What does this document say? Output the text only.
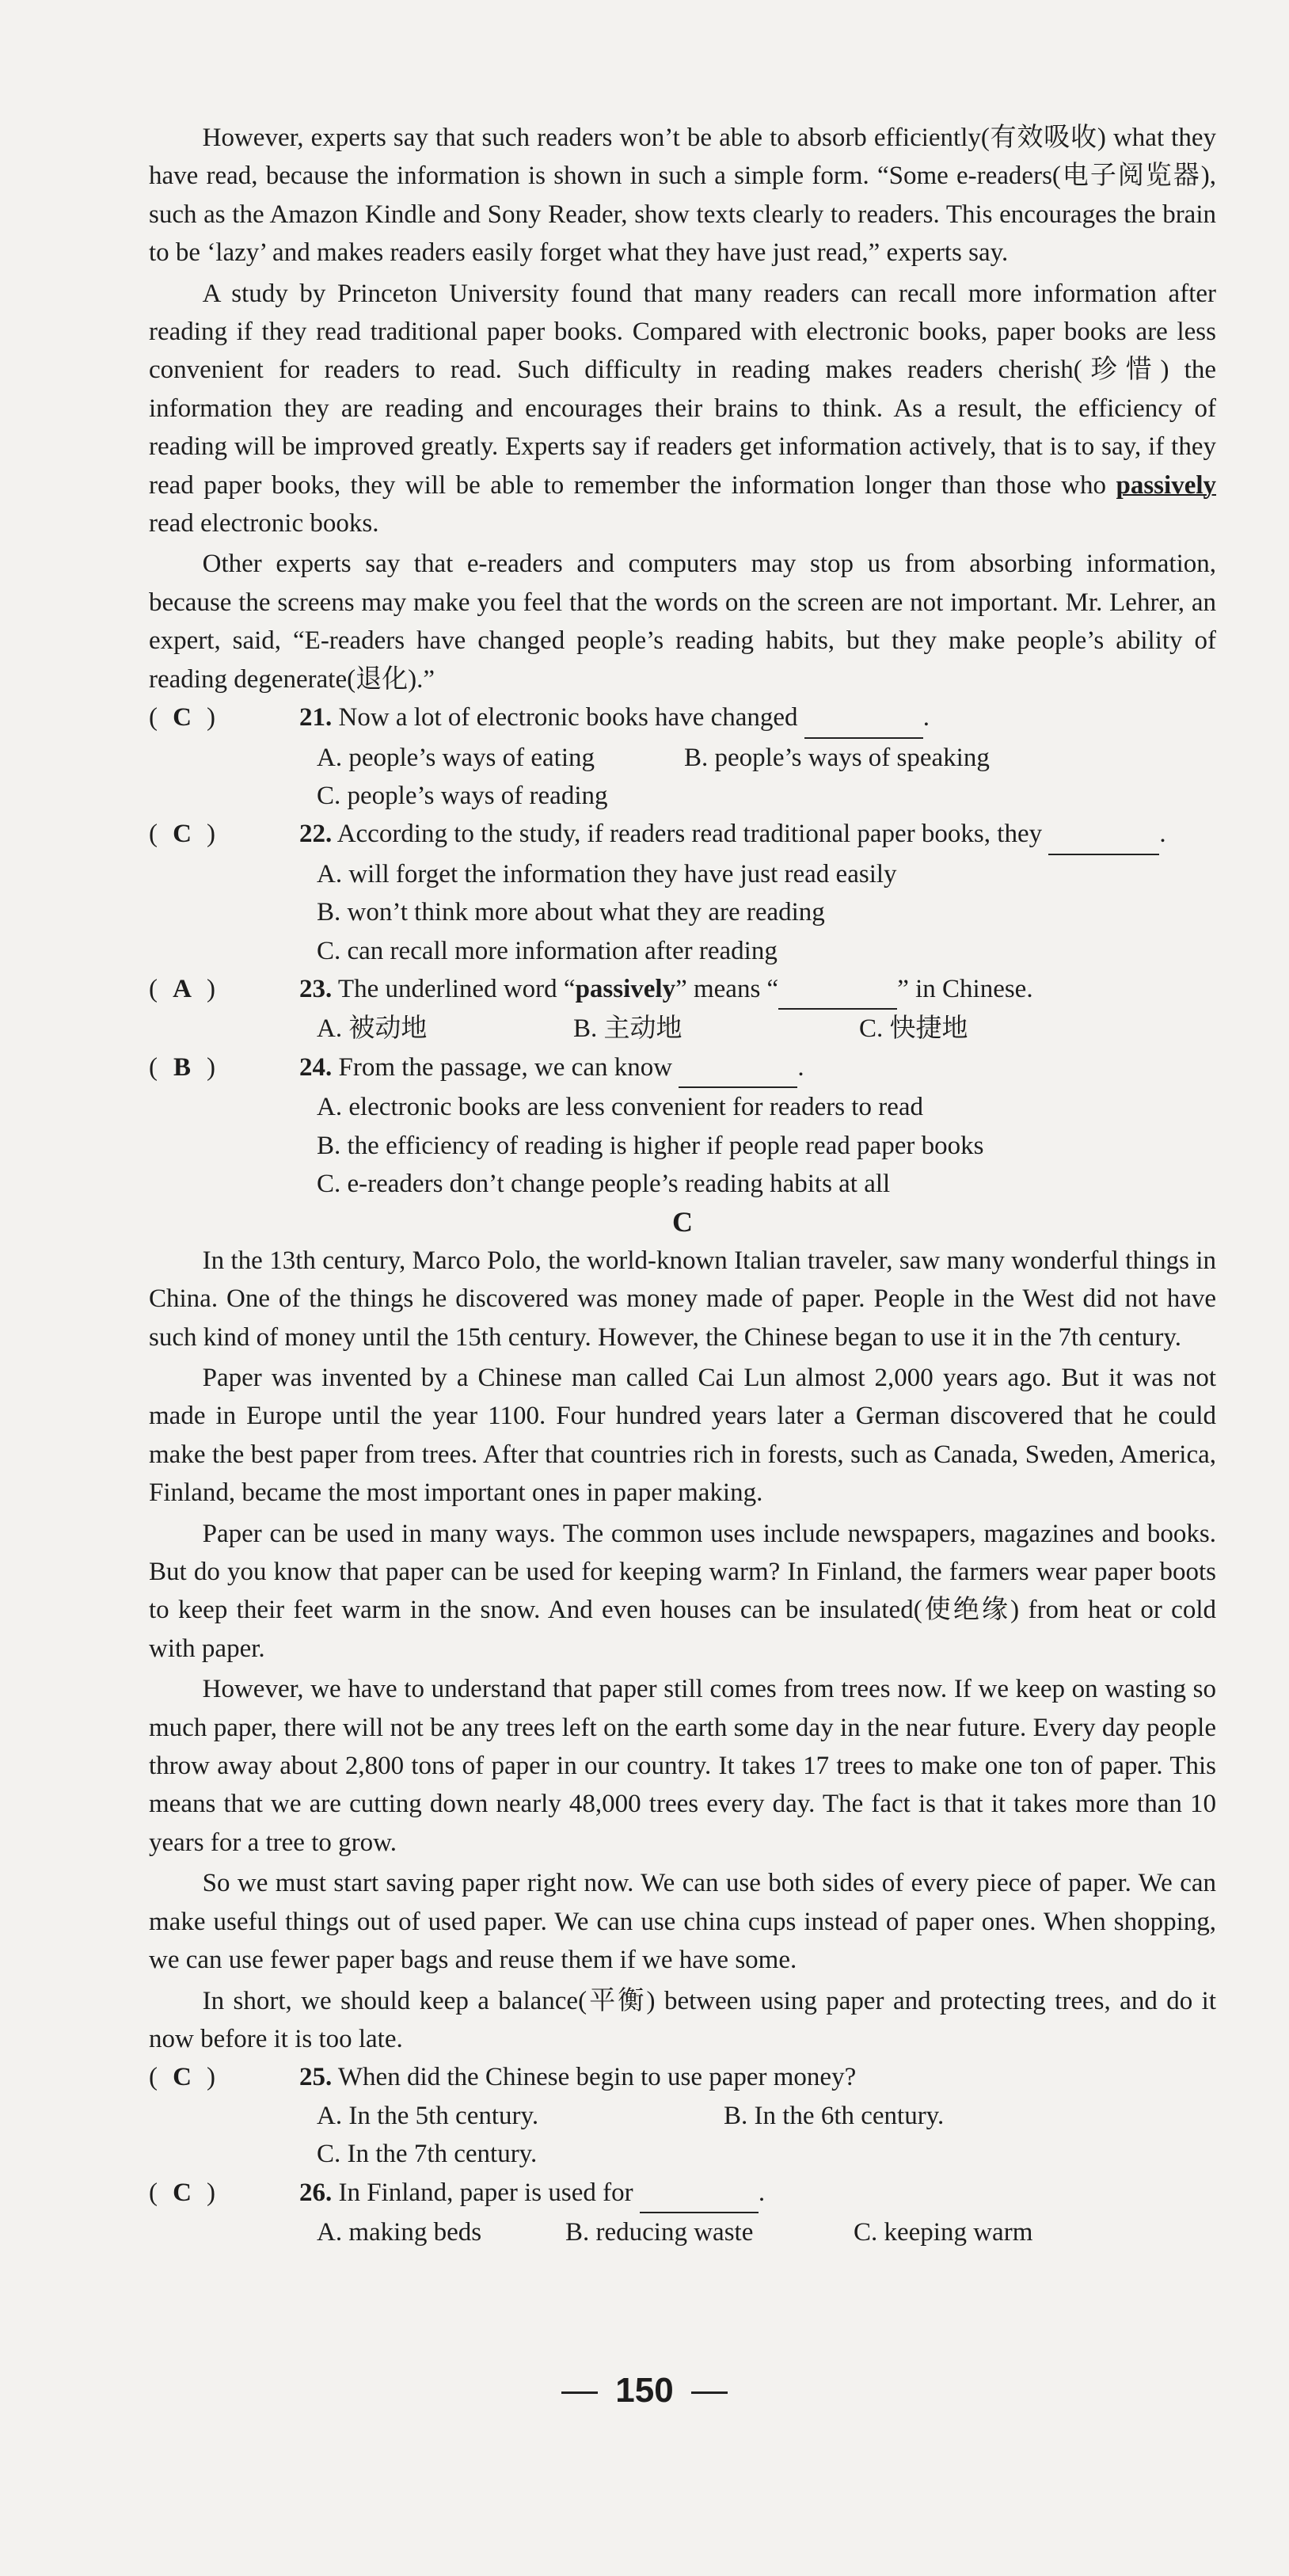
However, experts say that such readers won’t be able to absorb efficiently(有效吸收) what they have read, because the information is shown in such a simple form. “Some e-readers(电子阅览器), such as the Amazon Kindle and Sony Reader, show texts clearly to readers. This encourages the brain to be ‘lazy’ and makes readers easily forget what they have just read,” experts say.

A study by Princeton University found that many readers can recall more information after reading if they read traditional paper books. Compared with electronic books, paper books are less convenient for readers to read. Such difficulty in reading makes readers cherish(珍惜) the information they are reading and encourages their brains to think. As a result, the efficiency of reading will be improved greatly. Experts say if readers get information actively, that is to say, if they read paper books, they will be able to remember the information longer than those who passively read electronic books.

Other experts say that e-readers and computers may stop us from absorbing information, because the screens may make you feel that the words on the screen are not important. Mr. Lehrer, an expert, said, “E-readers have changed people’s reading habits, but they make people’s ability of reading degenerate(退化).”

( C )	21. Now a lot of electronic books have changed	.
A. people’s ways of eating	B. people’s ways of speaking

C. people’s ways of reading

( C )	22. According to the study, if readers read traditional paper books, they	.

A. will forget the information they have just read easily

B. won’t think more about what they are reading

C. can recall more information after reading

( A )	23. The underlined word “passively” means “	” in Chinese.
A. 被动地	B. 主动地	C. 快捷地
( B )	24. From the passage, we can know	.

A. electronic books are less convenient for readers to read

B. the efficiency of reading is higher if people read paper books

C. e-readers don’t change people’s reading habits at all

C

In the 13th century, Marco Polo, the world-known Italian traveler, saw many wonderful things in China. One of the things he discovered was money made of paper. People in the West did not have such kind of money until the 15th century. However, the Chinese began to use it in the 7th century.

Paper was invented by a Chinese man called Cai Lun almost 2,000 years ago. But it was not made in Europe until the year 1100. Four hundred years later a German discovered that he could make the best paper from trees. After that countries rich in forests, such as Canada, Sweden, America, Finland, became the most important ones in paper making.

Paper can be used in many ways. The common uses include newspapers, magazines and books. But do you know that paper can be used for keeping warm? In Finland, the farmers wear paper boots to keep their feet warm in the snow. And even houses can be insulated(使绝缘) from heat or cold with paper.

However, we have to understand that paper still comes from trees now. If we keep on wasting so much paper, there will not be any trees left on the earth some day in the near future. Every day people throw away about 2,800 tons of paper in our country. It takes 17 trees to make one ton of paper. This means that we are cutting down nearly 48,000 trees every day. The fact is that it takes more than 10 years for a tree to grow.

So we must start saving paper right now. We can use both sides of every piece of paper. We can make useful things out of used paper. We can use china cups instead of paper ones. When shopping, we can use fewer paper bags and reuse them if we have some.

In short, we should keep a balance(平衡) between using paper and protecting trees, and do it now before it is too late.

( C )	25. When did the Chinese begin to use paper money?
A. In the 5th century.	B. In the 6th century.

C. In the 7th century.

( C )	26. In Finland, paper is used for	.
A. making beds	B. reducing waste	C. keeping warm
150
